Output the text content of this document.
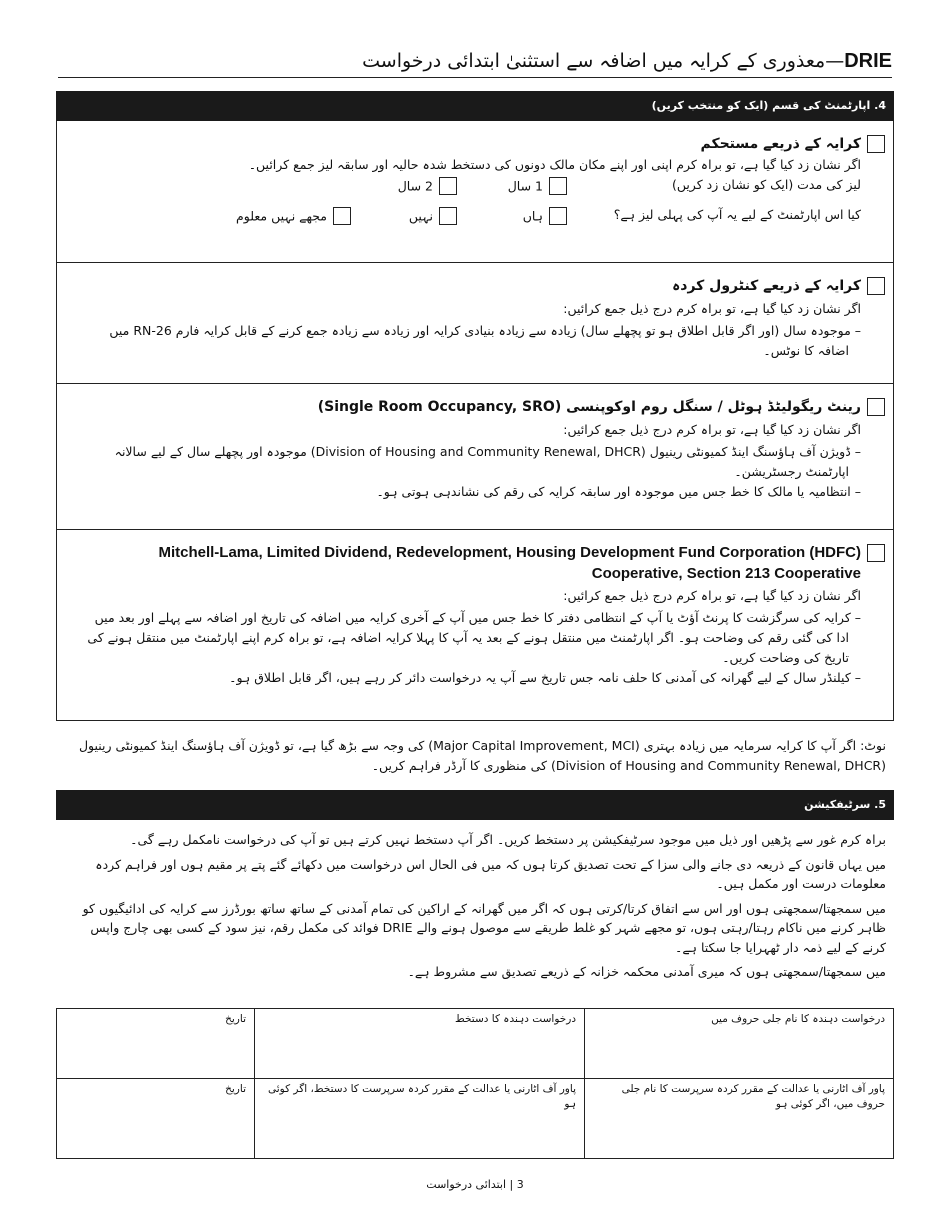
DRIE—معذوری کے کرایہ میں اضافہ سے استثنیٰ ابتدائی درخواست
4. اپارٹمنٹ کی قسم (ایک کو منتخب کریں)
کرایہ کے ذریعے مستحکم
اگر نشان زد کیا گیا ہے، تو براہ کرم اپنی اور اپنے مکان مالک دونوں کی دستخط شدہ حالیہ اور سابقہ لیز جمع کرائیں۔
لیز کی مدت (ایک کو نشان زد کریں)
1 سال
2 سال
کیا اس اپارٹمنٹ کے لیے یہ آپ کی پہلی لیز ہے؟
ہاں
نہیں
مجھے نہیں معلوم
کرایہ کے ذریعے کنٹرول کردہ
اگر نشان زد کیا گیا ہے، تو براہ کرم درج ذیل جمع کرائیں:
– موجودہ سال (اور اگر قابل اطلاق ہو تو پچھلے سال) زیادہ سے زیادہ بنیادی کرایہ اور زیادہ سے زیادہ جمع کرنے کے قابل کرایہ فارم RN-26 میں اضافہ کا نوٹس۔
رینٹ ریگولیٹڈ ہوٹل / سنگل روم اوکوپنسی (Single Room Occupancy, SRO)
اگر نشان زد کیا گیا ہے، تو براہ کرم درج ذیل جمع کرائیں:
– ڈویژن آف ہاؤسنگ اینڈ کمیونٹی رینیول (Division of Housing and Community Renewal, DHCR) موجودہ اور پچھلے سال کے لیے سالانہ اپارٹمنٹ رجسٹریشن۔
– انتظامیہ یا مالک کا خط جس میں موجودہ اور سابقہ کرایہ کی رقم کی نشاندہی ہوتی ہو۔
Mitchell-Lama, Limited Dividend, Redevelopment, Housing Development Fund Corporation (HDFC) Cooperative, Section 213 Cooperative
اگر نشان زد کیا گیا ہے، تو براہ کرم درج ذیل جمع کرائیں:
– کرایہ کی سرگزشت کا پرنٹ آؤٹ یا آپ کے انتظامی دفتر کا خط جس میں آپ کے آخری کرایہ میں اضافہ کی تاریخ اور اضافہ سے پہلے اور بعد میں ادا کی گئی رقم کی وضاحت ہو۔ اگر اپارٹمنٹ میں منتقل ہونے کے بعد یہ آپ کا پہلا کرایہ اضافہ ہے، تو براہ کرم اپنے اپارٹمنٹ میں منتقل ہونے کی تاریخ کی وضاحت کریں۔
– کیلنڈر سال کے لیے گھرانہ کی آمدنی کا حلف نامہ جس تاریخ سے آپ یہ درخواست دائر کر رہے ہیں، اگر قابل اطلاق ہو۔
نوٹ: اگر آپ کا کرایہ سرمایہ میں زیادہ بہتری (Major Capital Improvement, MCI) کی وجہ سے بڑھ گیا ہے، تو ڈویژن آف ہاؤسنگ اینڈ کمیونٹی رینیول (Division of Housing and Community Renewal, DHCR) کی منظوری کا آرڈر فراہم کریں۔
5. سرٹیفکیشن

براہ کرم غور سے پڑھیں اور ذیل میں موجود سرٹیفکیشن پر دستخط کریں۔ اگر آپ دستخط نہیں کرتے ہیں تو آپ کی درخواست نامکمل رہے گی۔

میں یہاں قانون کے ذریعہ دی جانے والی سزا کے تحت تصدیق کرتا ہوں کہ میں فی الحال اس درخواست میں دکھائے گئے پتے پر مقیم ہوں اور فراہم کردہ معلومات درست اور مکمل ہیں۔

میں سمجھتا/سمجھتی ہوں اور اس سے اتفاق کرتا/کرتی ہوں کہ اگر میں گھرانہ کے اراکین کی تمام آمدنی کے ساتھ ساتھ بورڈرز سے کرایہ کی ادائیگیوں کو ظاہر کرنے میں ناکام رہتا/رہتی ہوں، تو مجھے شہر کو غلط طریقے سے موصول ہونے والے DRIE فوائد کی مکمل رقم، نیز سود کے کسی بھی چارج واپس کرنے کے لیے ذمہ دار ٹھہرایا جا سکتا ہے۔

میں سمجھتا/سمجھتی ہوں کہ میری آمدنی محکمہ خزانہ کے ذریعے تصدیق سے مشروط ہے۔

درخواست دہندہ کا نام جلی حروف میں	درخواست دہندہ کا دستخط	تاریخ
پاور آف اٹارنی یا عدالت کے مقرر کردہ سرپرست کا نام جلی حروف میں، اگر کوئی ہو	پاور آف اٹارنی یا عدالت کے مقرر کردہ سرپرست کا دستخط، اگر کوئی ہو	تاریخ
3 | ابتدائی درخواست
